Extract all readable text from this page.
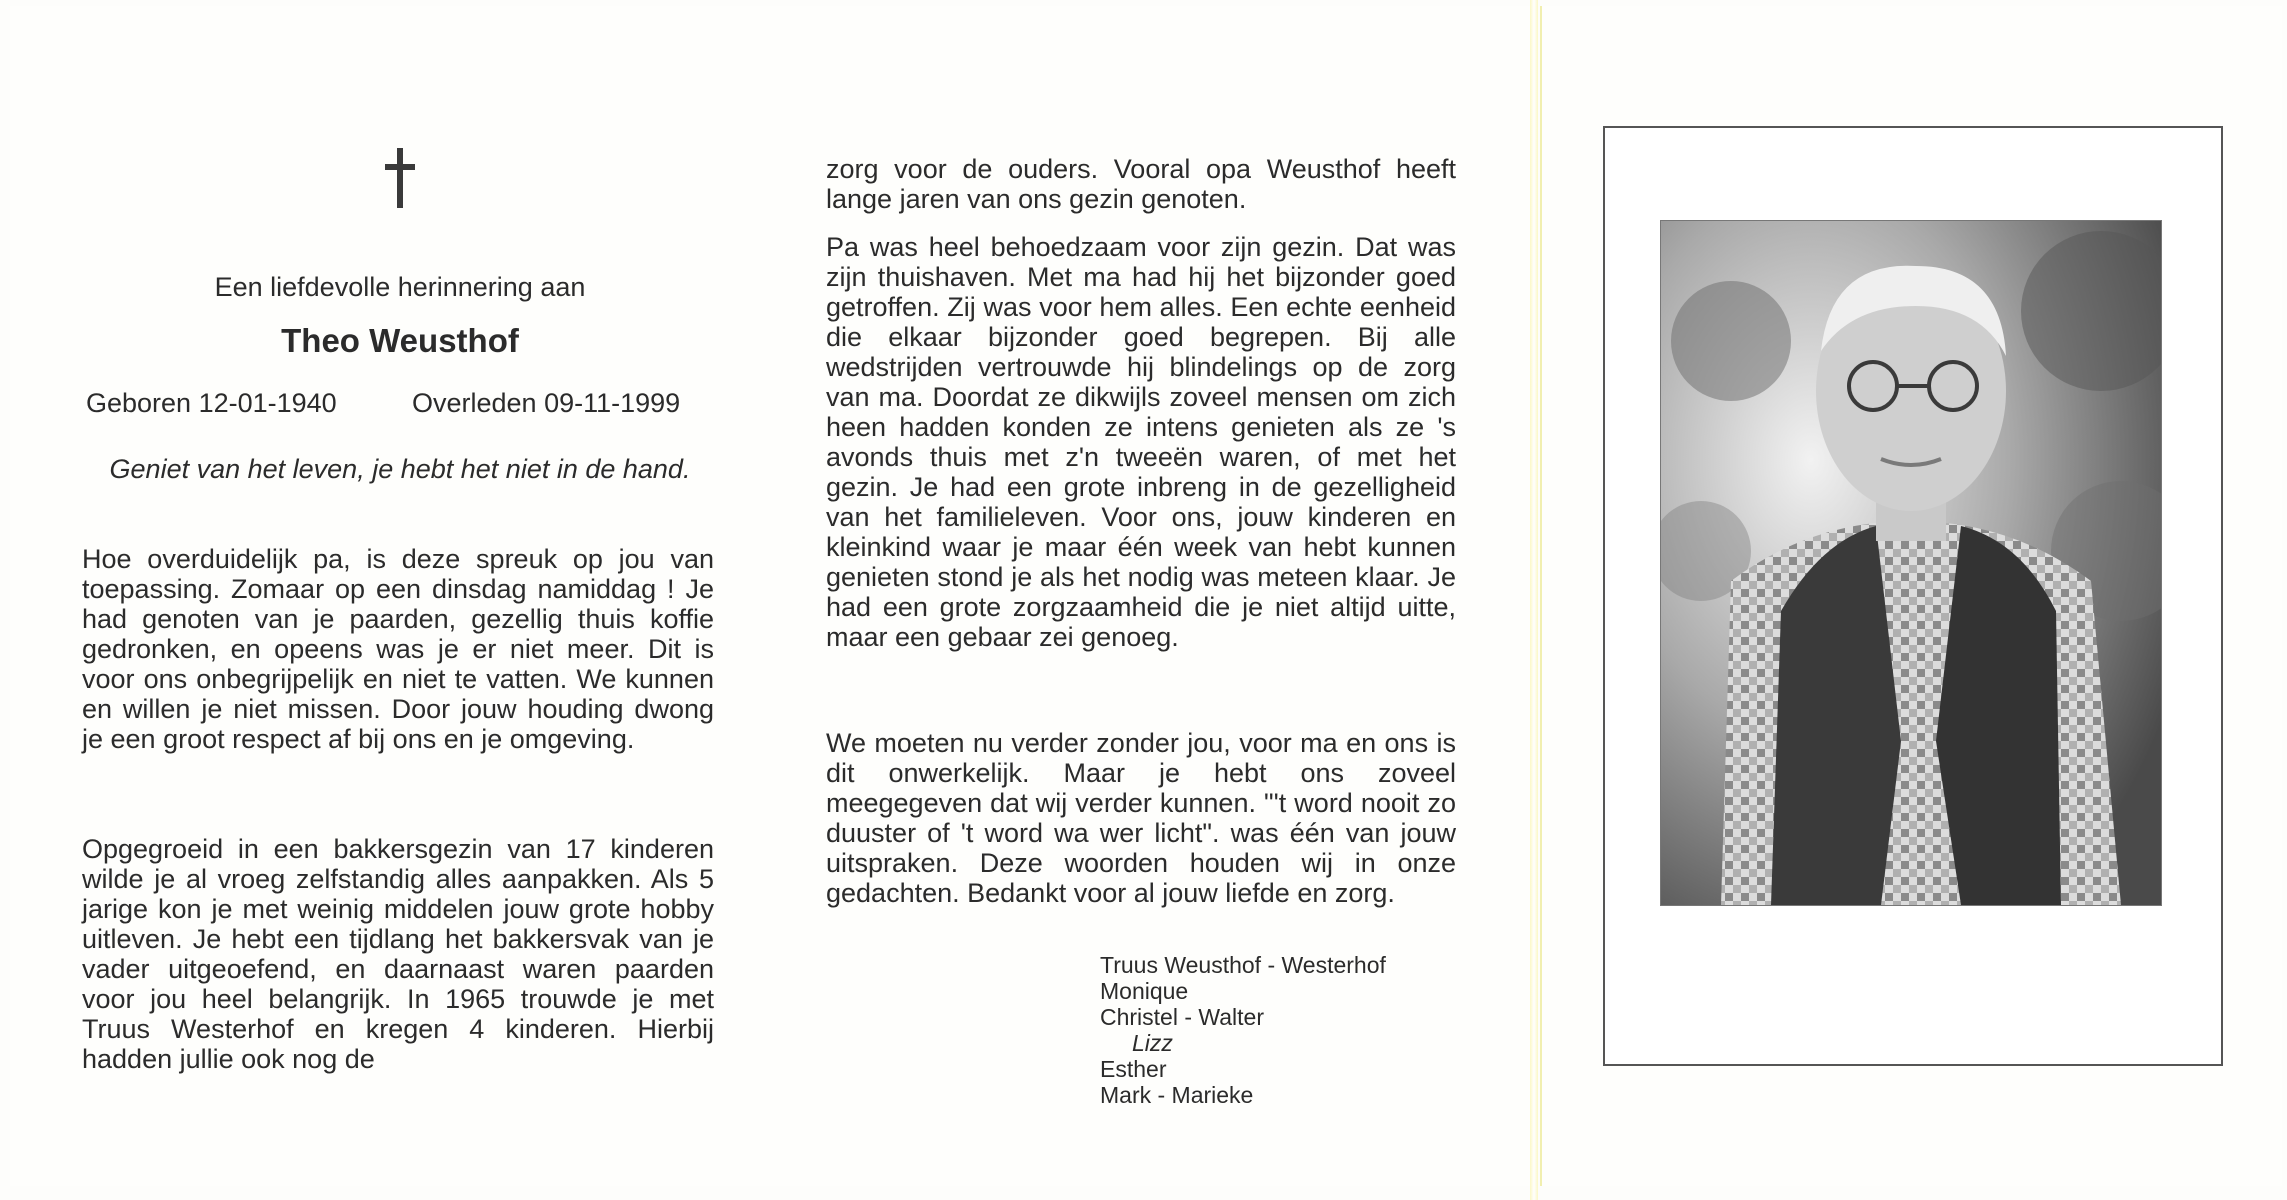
Een liefdevolle herinnering aan
Theo Weusthof
Geboren 12-01-1940	Overleden 09-11-1999
Geniet van het leven, je hebt het niet in de hand.

Hoe overduidelijk pa, is deze spreuk op jou van toepassing. Zomaar op een dinsdag namiddag ! Je had genoten van je paarden, gezellig thuis koffie gedronken, en opeens was je er niet meer. Dit is voor ons onbegrijpelijk en niet te vatten. We kunnen en willen je niet missen. Door jouw houding dwong je een groot respect af bij ons en je omgeving.

Opgegroeid in een bakkersgezin van 17 kinderen wilde je al vroeg zelfstandig alles aanpakken. Als 5 jarige kon je met weinig middelen jouw grote hobby uitleven. Je hebt een tijdlang het bakkersvak van je vader uitgeoefend, en daarnaast waren paarden voor jou heel belangrijk. In 1965 trouwde je met Truus Westerhof en kregen 4 kinderen. Hierbij hadden jullie ook nog de

zorg voor de ouders. Vooral opa Weusthof heeft lange jaren van ons gezin genoten.

Pa was heel behoedzaam voor zijn gezin. Dat was zijn thuishaven. Met ma had hij het bijzonder goed getroffen. Zij was voor hem alles. Een echte eenheid die elkaar bijzonder goed begrepen. Bij alle wedstrijden vertrouwde hij blindelings op de zorg van ma. Doordat ze dikwijls zoveel mensen om zich heen hadden konden ze intens genieten als ze 's avonds thuis met z'n tweeën waren, of met het gezin. Je had een grote inbreng in de gezelligheid van het familieleven. Voor ons, jouw kinderen en kleinkind waar je maar één week van hebt kunnen genieten stond je als het nodig was meteen klaar. Je had een grote zorgzaamheid die je niet altijd uitte, maar een gebaar zei genoeg.

We moeten nu verder zonder jou, voor ma en ons is dit onwerkelijk. Maar je hebt ons zoveel meegegeven dat wij verder kunnen. "'t word nooit zo duuster of 't word wa wer licht". was één van jouw uitspraken. Deze woorden houden wij in onze gedachten. Bedankt voor al jouw liefde en zorg.

Truus Weusthof - Westerhof
Monique
Christel - Walter
Lizz
Esther
Mark - Marieke
